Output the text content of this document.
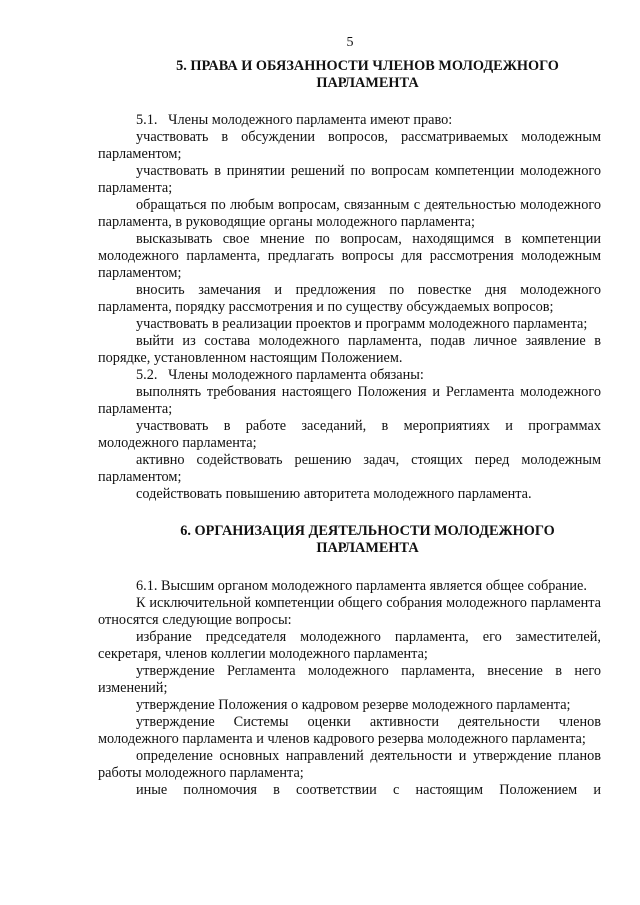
5
5. ПРАВА И ОБЯЗАННОСТИ ЧЛЕНОВ МОЛОДЕЖНОГО
ПАРЛАМЕНТА

5.1.   Члены молодежного парламента имеют право:

участвовать в обсуждении вопросов, рассматриваемых молодежным парламентом;

участвовать в принятии решений по вопросам компетенции молодежного парламента;

обращаться по любым вопросам, связанным с деятельностью молодежного парламента, в руководящие органы молодежного парламента;

высказывать свое мнение по вопросам, находящимся в компетенции молодежного парламента, предлагать вопросы для рассмотрения молодежным парламентом;

вносить замечания и предложения по повестке дня молодежного парламента, порядку рассмотрения и по существу обсуждаемых вопросов;

участвовать в реализации проектов и программ молодежного парламента;

выйти из состава молодежного парламента, подав личное заявление в порядке, установленном настоящим Положением.

5.2.   Члены молодежного парламента обязаны:

выполнять требования настоящего Положения и Регламента молодежного парламента;

участвовать в работе заседаний, в мероприятиях и программах молодежного парламента;

активно содействовать решению задач, стоящих перед молодежным парламентом;

содействовать повышению авторитета молодежного парламента.

6. ОРГАНИЗАЦИЯ ДЕЯТЕЛЬНОСТИ МОЛОДЕЖНОГО
ПАРЛАМЕНТА

6.1. Высшим органом молодежного парламента является общее собрание.

К исключительной компетенции общего собрания молодежного парламента относятся следующие вопросы:

избрание председателя молодежного парламента, его заместителей, секретаря, членов коллегии молодежного парламента;

утверждение Регламента молодежного парламента, внесение в него изменений;

утверждение Положения о кадровом резерве молодежного парламента;

утверждение Системы оценки активности деятельности членов молодежного парламента и членов кадрового резерва молодежного парламента;

определение основных направлений деятельности и утверждение планов работы молодежного парламента;

иные полномочия в соответствии с настоящим Положением и
